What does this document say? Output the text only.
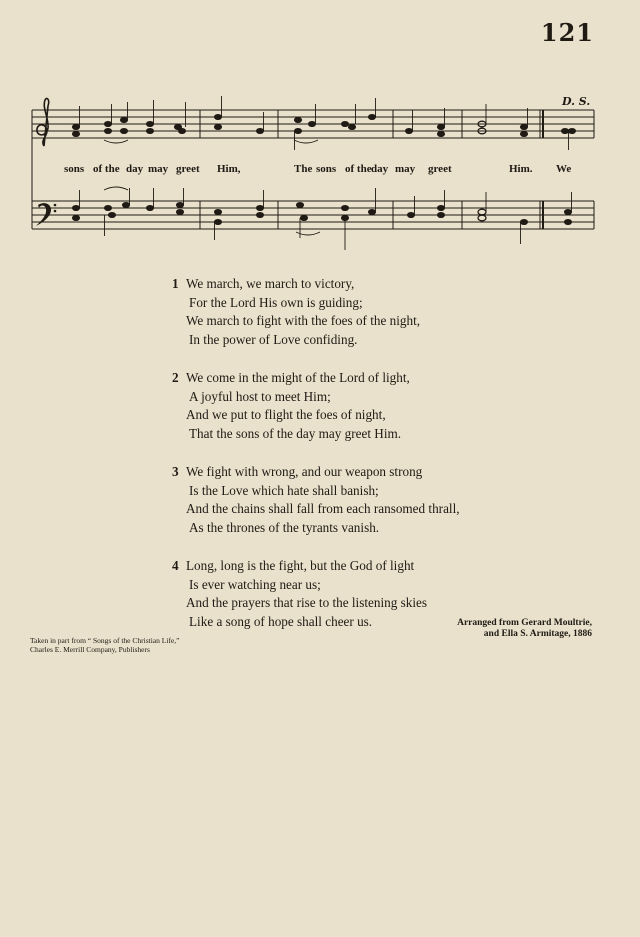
121
D. S.
sons of the day may greet Him,	The sons of the day may greet	Him. We
1 We march, we march to victory,
For the Lord His own is guiding;
We march to fight with the foes of the night,
In the power of Love confiding.
2 We come in the might of the Lord of light,
A joyful host to meet Him;
And we put to flight the foes of night,
That the sons of the day may greet Him.
3 We fight with wrong, and our weapon strong
Is the Love which hate shall banish;
And the chains shall fall from each ransomed thrall,
As the thrones of the tyrants vanish.
4 Long, long is the fight, but the God of light
Is ever watching near us;
And the prayers that rise to the listening skies
Like a song of hope shall cheer us.	Arranged from Gerard Moultrie,
and Ella S. Armitage, 1886
Taken in part from “ Songs of the Christian Life,”
Charles E. Merrill Company, Publishers
